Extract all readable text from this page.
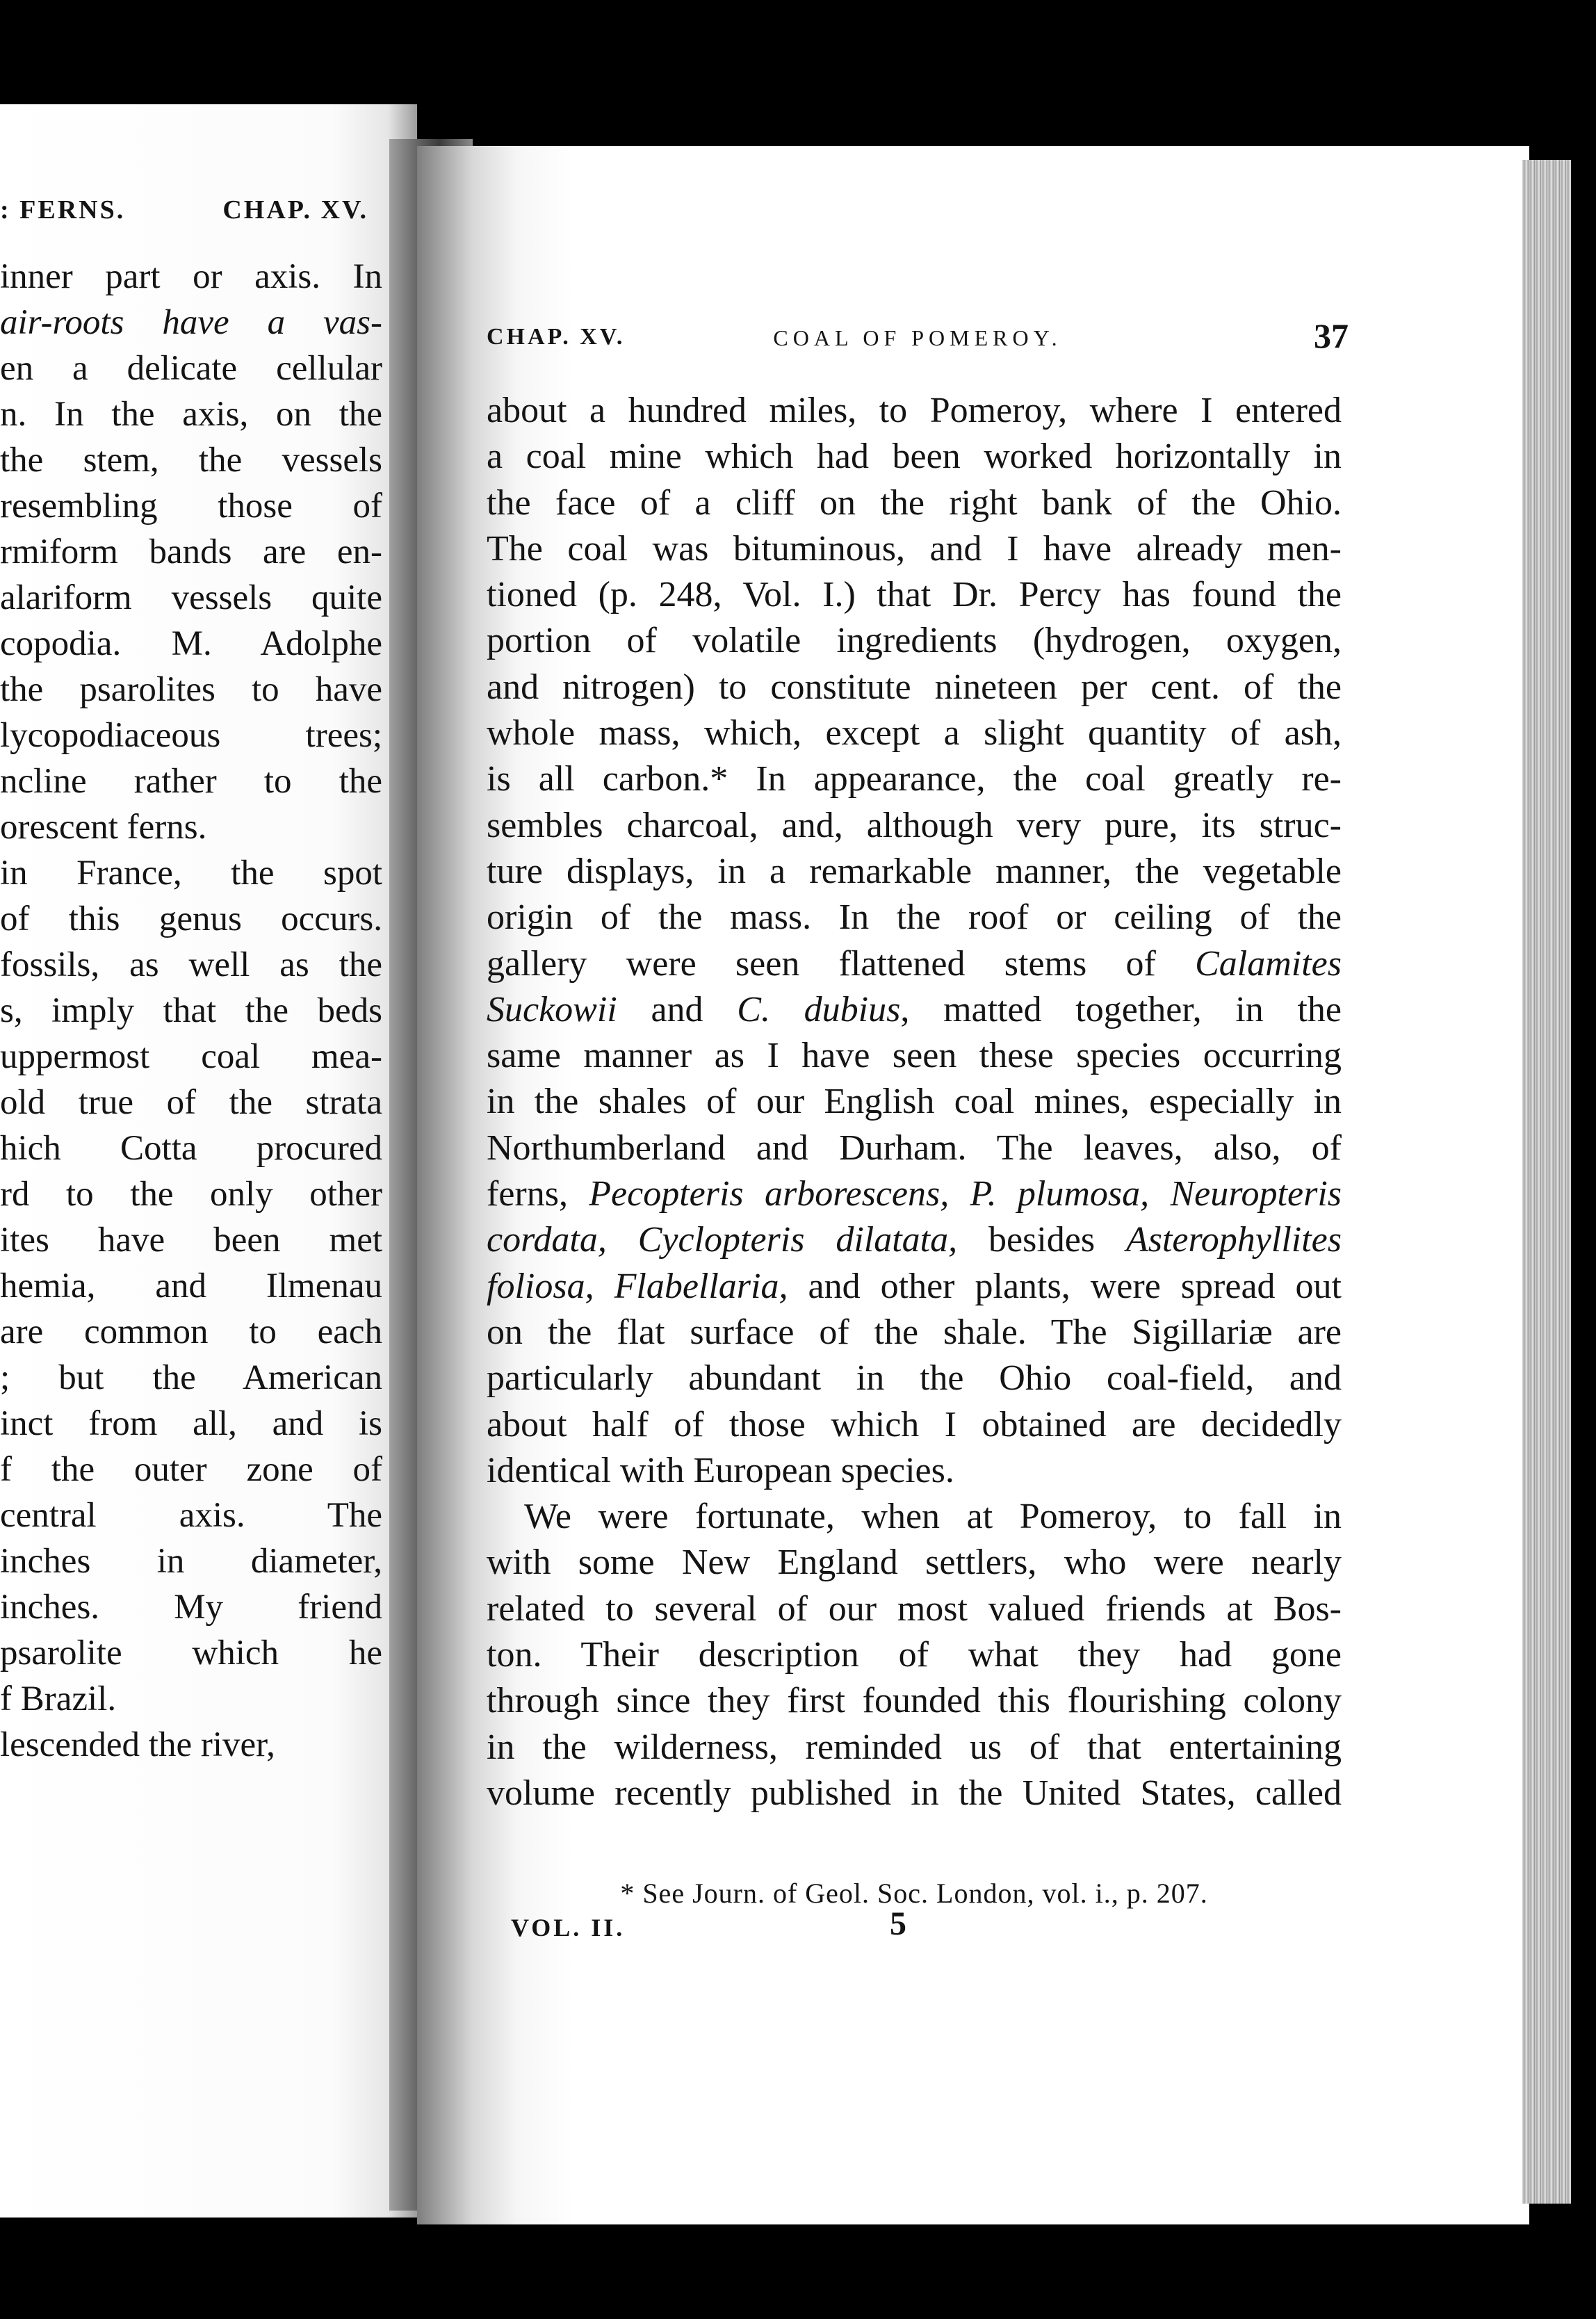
: FERNS.	CHAP. XV.
inner part or axis. In
air-roots have a vas-
en a delicate cellular
n. In the axis, on the
the stem, the vessels
resembling those of
rmiform bands are en-
alariform vessels quite
copodia. M. Adolphe
the psarolites to have
lycopodiaceous trees;
ncline rather to the
orescent ferns.
in France, the spot
of this genus occurs.
fossils, as well as the
s, imply that the beds
uppermost coal mea-
old true of the strata
hich Cotta procured
rd to the only other
ites have been met
hemia, and Ilmenau
are common to each
; but the American
inct from all, and is
f the outer zone of
central axis. The
inches in diameter,
inches. My friend
psarolite which he
f Brazil.
lescended the river,
CHAP. XV.	COAL OF POMEROY.	37
about a hundred miles, to Pomeroy, where I entered
a coal mine which had been worked horizontally in
the face of a cliff on the right bank of the Ohio.
The coal was bituminous, and I have already men-
tioned (p. 248, Vol. I.) that Dr. Percy has found the
portion of volatile ingredients (hydrogen, oxygen,
and nitrogen) to constitute nineteen per cent. of the
whole mass, which, except a slight quantity of ash,
is all carbon.* In appearance, the coal greatly re-
sembles charcoal, and, although very pure, its struc-
ture displays, in a remarkable manner, the vegetable
origin of the mass. In the roof or ceiling of the
gallery were seen flattened stems of Calamites
Suckowii and C. dubius, matted together, in the
same manner as I have seen these species occurring
in the shales of our English coal mines, especially in
Northumberland and Durham. The leaves, also, of
ferns, Pecopteris arborescens, P. plumosa, Neuropteris
cordata, Cyclopteris dilatata, besides Asterophyllites
foliosa, Flabellaria, and other plants, were spread out
on the flat surface of the shale. The Sigillariæ are
particularly abundant in the Ohio coal-field, and
about half of those which I obtained are decidedly
identical with European species.
We were fortunate, when at Pomeroy, to fall in
with some New England settlers, who were nearly
related to several of our most valued friends at Bos-
ton. Their description of what they had gone
through since they first founded this flourishing colony
in the wilderness, reminded us of that entertaining
volume recently published in the United States, called
* See Journ. of Geol. Soc. London, vol. i., p. 207.
VOL. II.	5
